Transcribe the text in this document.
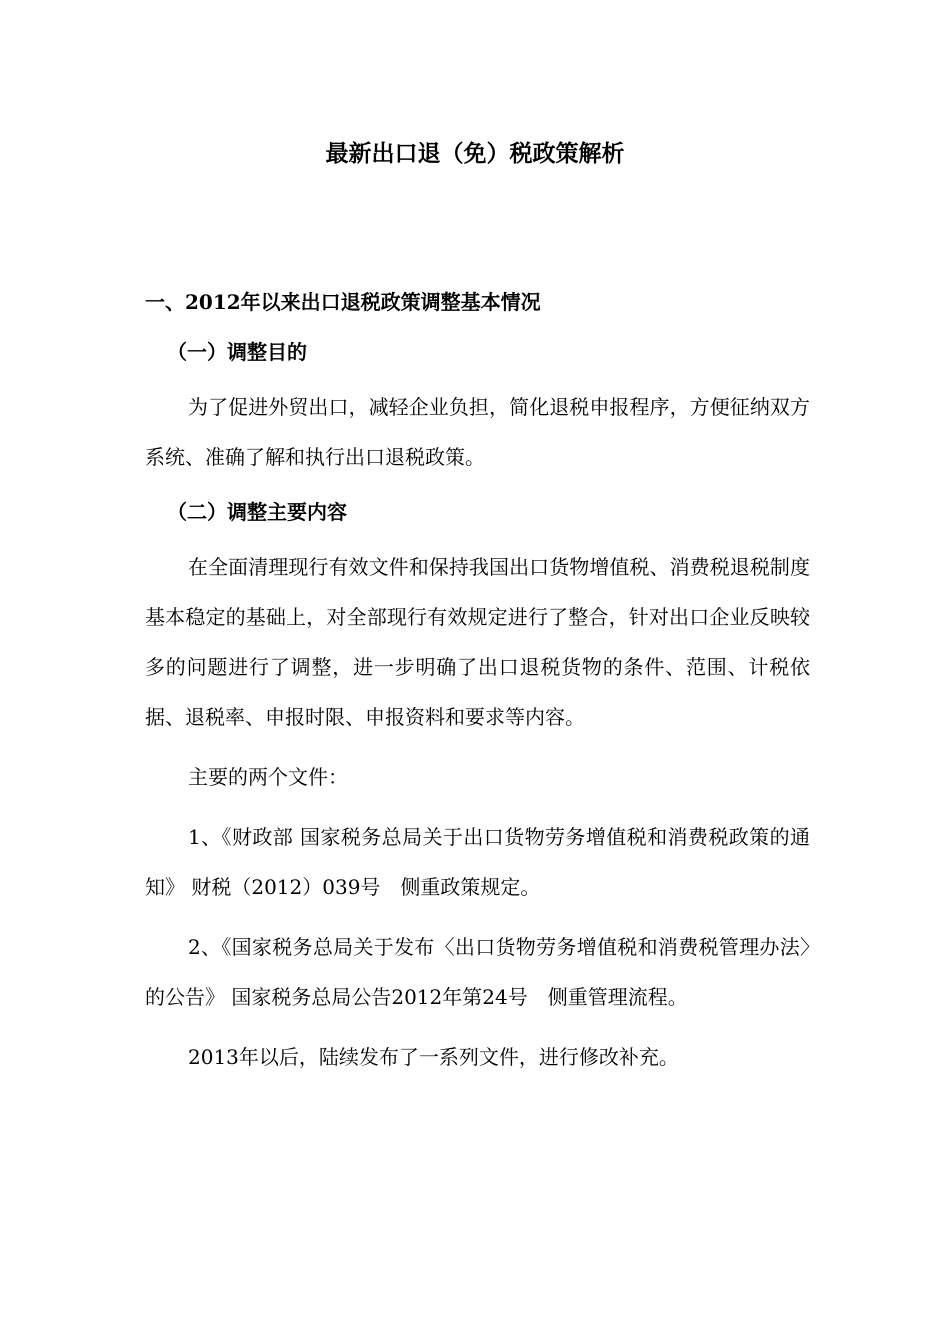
最新出口退（免）税政策解析
一、2012年以来出口退税政策调整基本情况
（一）调整目的

为了促进外贸出口，减轻企业负担，简化退税申报程序，方便征纳双方系统、准确了解和执行出口退税政策。

（二）调整主要内容

在全面清理现行有效文件和保持我国出口货物增值税、消费税退税制度基本稳定的基础上，对全部现行有效规定进行了整合，针对出口企业反映较多的问题进行了调整，进一步明确了出口退税货物的条件、范围、计税依据、退税率、申报时限、申报资料和要求等内容。

主要的两个文件：

1、《财政部 国家税务总局关于出口货物劳务增值税和消费税政策的通知》 财税（2012）039号　侧重政策规定。

2、《国家税务总局关于发布〈出口货物劳务增值税和消费税管理办法〉的公告》 国家税务总局公告2012年第24号　侧重管理流程。

2013年以后，陆续发布了一系列文件，进行修改补充。
